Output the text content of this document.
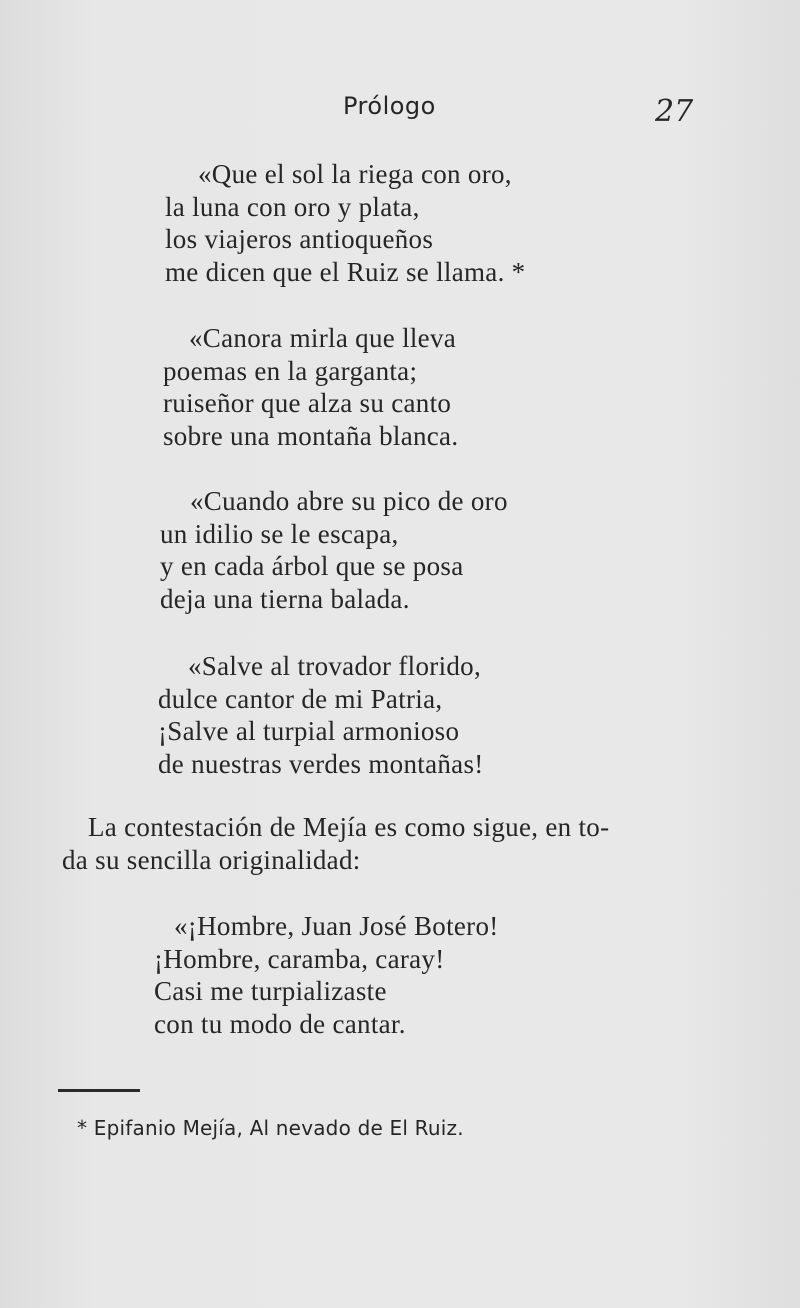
Prólogo	27
«Que el sol la riega con oro,
la luna con oro y plata,
los viajeros antioqueños
me dicen que el Ruiz se llama. *
«Canora mirla que lleva
poemas en la garganta;
ruiseñor que alza su canto
sobre una montaña blanca.
«Cuando abre su pico de oro
un idilio se le escapa,
y en cada árbol que se posa
deja una tierna balada.
«Salve al trovador florido,
dulce cantor de mi Patria,
¡Salve al turpial armonioso
de nuestras verdes montañas!
La contestación de Mejía es como sigue, en to-
da su sencilla originalidad:
«¡Hombre, Juan José Botero!
¡Hombre, caramba, caray!
Casi me turpializaste
con tu modo de cantar.
* Epifanio Mejía, Al nevado de El Ruiz.
